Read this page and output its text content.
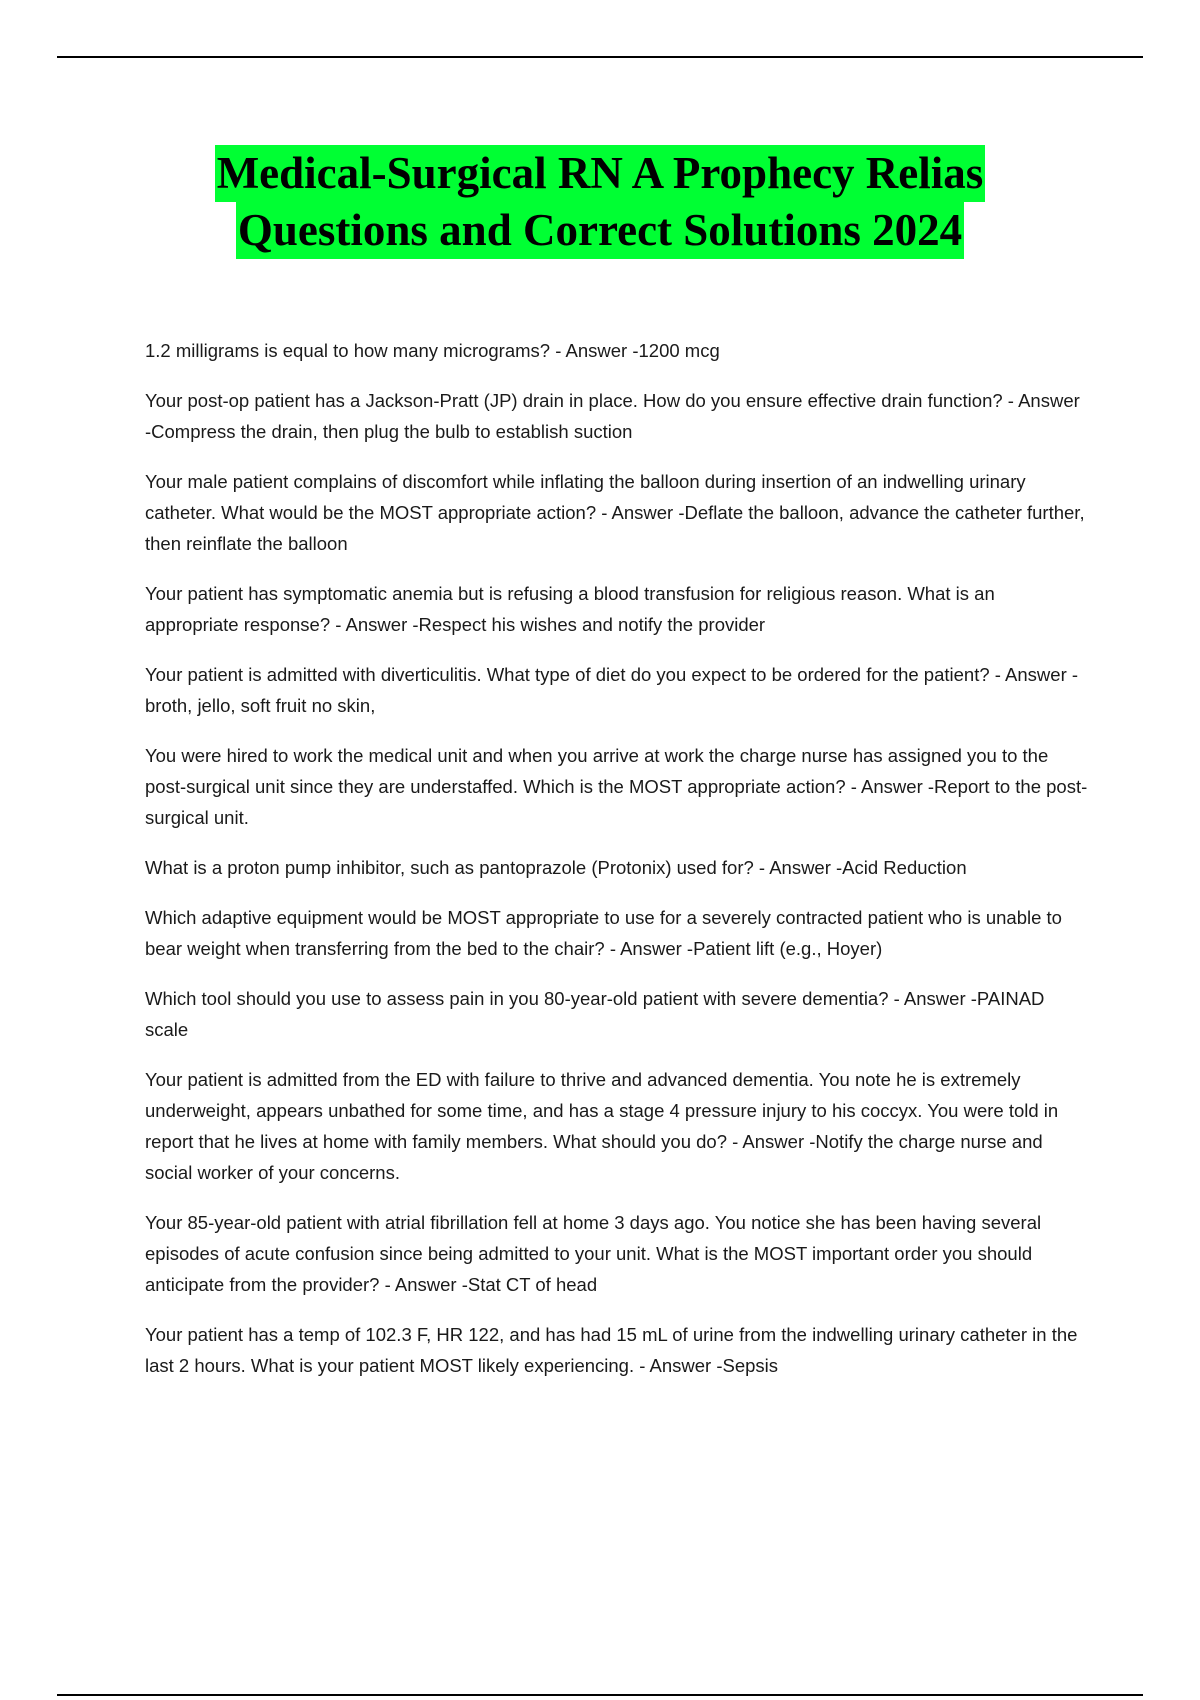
Medical-Surgical RN A Prophecy Relias
Questions and Correct Solutions 2024

1.2 milligrams is equal to how many micrograms? - Answer -1200 mcg

Your post-op patient has a Jackson-Pratt (JP) drain in place. How do you ensure effective drain function? - Answer -Compress the drain, then plug the bulb to establish suction

Your male patient complains of discomfort while inflating the balloon during insertion of an indwelling urinary catheter. What would be the MOST appropriate action? - Answer -Deflate the balloon, advance the catheter further, then reinflate the balloon

Your patient has symptomatic anemia but is refusing a blood transfusion for religious reason. What is an appropriate response? - Answer -Respect his wishes and notify the provider

Your patient is admitted with diverticulitis. What type of diet do you expect to be ordered for the patient? - Answer -broth, jello, soft fruit no skin,

You were hired to work the medical unit and when you arrive at work the charge nurse has assigned you to the post-surgical unit since they are understaffed. Which is the MOST appropriate action? - Answer -Report to the post-surgical unit.

What is a proton pump inhibitor, such as pantoprazole (Protonix) used for? - Answer -Acid Reduction

Which adaptive equipment would be MOST appropriate to use for a severely contracted patient who is unable to bear weight when transferring from the bed to the chair? - Answer -Patient lift (e.g., Hoyer)

Which tool should you use to assess pain in you 80-year-old patient with severe dementia? - Answer -PAINAD scale

Your patient is admitted from the ED with failure to thrive and advanced dementia. You note he is extremely underweight, appears unbathed for some time, and has a stage 4 pressure injury to his coccyx. You were told in report that he lives at home with family members. What should you do? - Answer -Notify the charge nurse and social worker of your concerns.

Your 85-year-old patient with atrial fibrillation fell at home 3 days ago. You notice she has been having several episodes of acute confusion since being admitted to your unit. What is the MOST important order you should anticipate from the provider? - Answer -Stat CT of head

Your patient has a temp of 102.3 F, HR 122, and has had 15 mL of urine from the indwelling urinary catheter in the last 2 hours. What is your patient MOST likely experiencing. - Answer -Sepsis
